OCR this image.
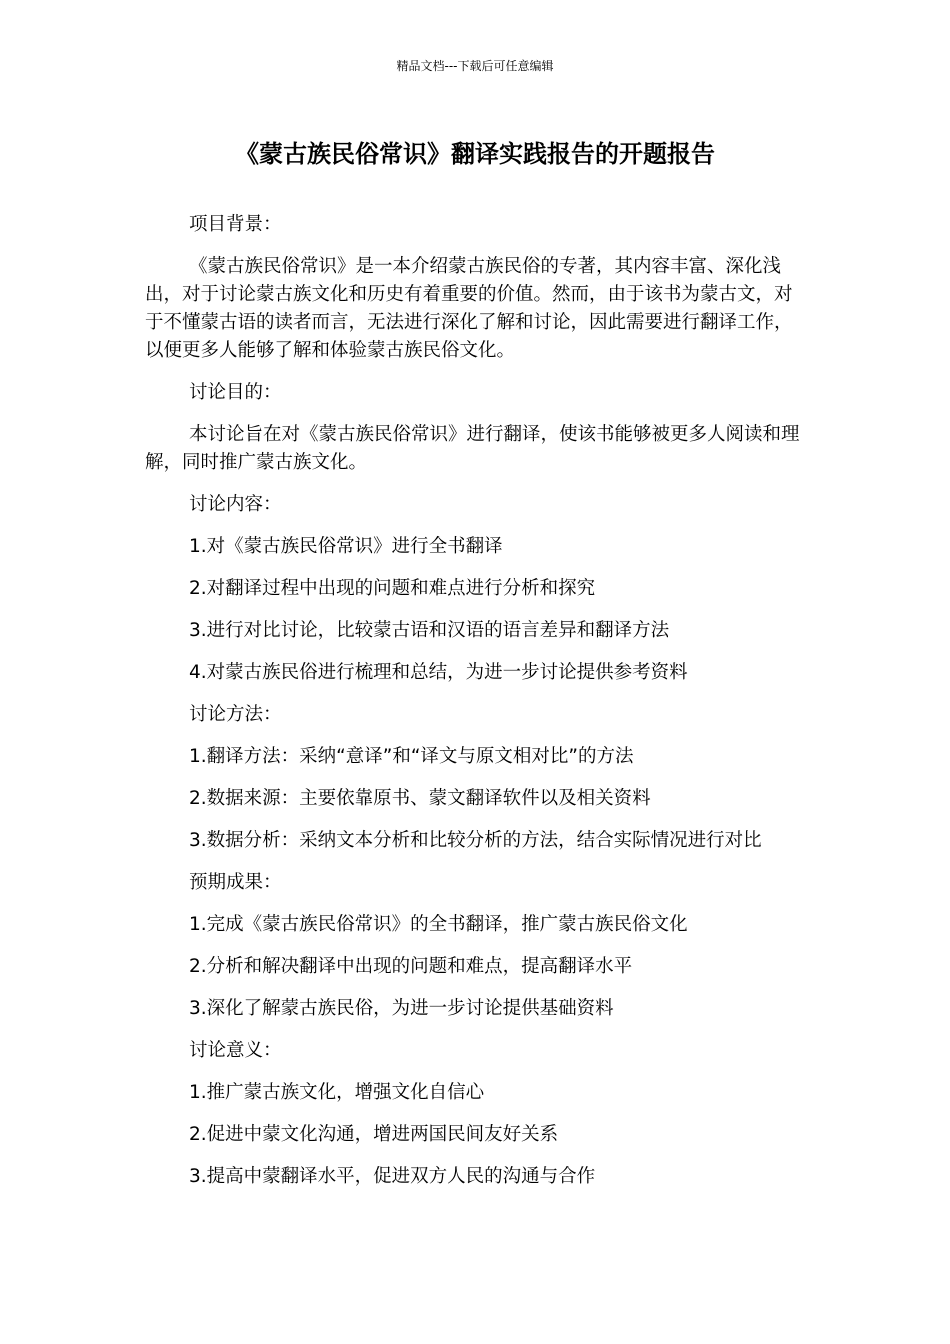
精品文档---下载后可任意编辑
《蒙古族民俗常识》翻译实践报告的开题报告

项目背景：

《蒙古族民俗常识》是一本介绍蒙古族民俗的专著，其内容丰富、深化浅出，对于讨论蒙古族文化和历史有着重要的价值。然而，由于该书为蒙古文，对于不懂蒙古语的读者而言，无法进行深化了解和讨论，因此需要进行翻译工作，以便更多人能够了解和体验蒙古族民俗文化。

讨论目的：

本讨论旨在对《蒙古族民俗常识》进行翻译，使该书能够被更多人阅读和理解，同时推广蒙古族文化。

讨论内容：

1.对《蒙古族民俗常识》进行全书翻译

2.对翻译过程中出现的问题和难点进行分析和探究

3.进行对比讨论，比较蒙古语和汉语的语言差异和翻译方法

4.对蒙古族民俗进行梳理和总结，为进一步讨论提供参考资料

讨论方法：

1.翻译方法：采纳“意译”和“译文与原文相对比”的方法

2.数据来源：主要依靠原书、蒙文翻译软件以及相关资料

3.数据分析：采纳文本分析和比较分析的方法，结合实际情况进行对比

预期成果：

1.完成《蒙古族民俗常识》的全书翻译，推广蒙古族民俗文化

2.分析和解决翻译中出现的问题和难点，提高翻译水平

3.深化了解蒙古族民俗，为进一步讨论提供基础资料

讨论意义：

1.推广蒙古族文化，增强文化自信心

2.促进中蒙文化沟通，增进两国民间友好关系

3.提高中蒙翻译水平，促进双方人民的沟通与合作
